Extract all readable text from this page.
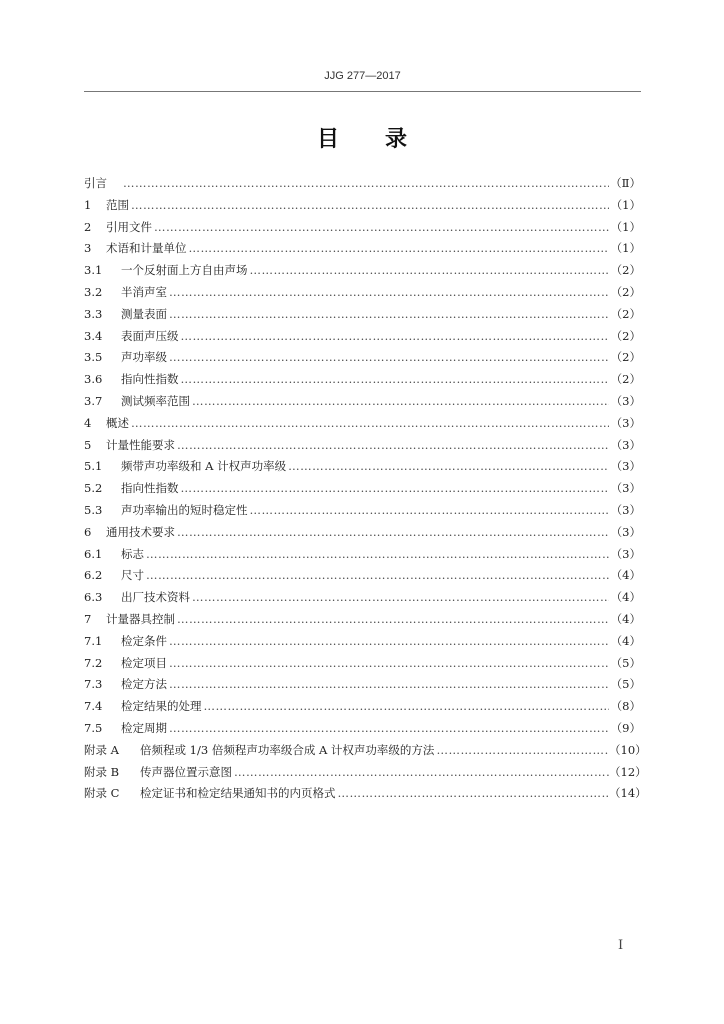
JJG 277—2017
目录
引言 ……………………………………………………………………………………………………………………………………………………………………………………………………	（Ⅱ）
1	范围 ……………………………………………………………………………………………………………………………………………………………………………………………………	（1）
2	引用文件 ……………………………………………………………………………………………………………………………………………………………………………………………………	（1）
3	术语和计量单位 ……………………………………………………………………………………………………………………………………………………………………………………………………	（1）
3.1	一个反射面上方自由声场 ……………………………………………………………………………………………………………………………………………………………………………………………………	（2）
3.2	半消声室 ……………………………………………………………………………………………………………………………………………………………………………………………………	（2）
3.3	测量表面 ……………………………………………………………………………………………………………………………………………………………………………………………………	（2）
3.4	表面声压级 ……………………………………………………………………………………………………………………………………………………………………………………………………	（2）
3.5	声功率级 ……………………………………………………………………………………………………………………………………………………………………………………………………	（2）
3.6	指向性指数 ……………………………………………………………………………………………………………………………………………………………………………………………………	（2）
3.7	测试频率范围 ……………………………………………………………………………………………………………………………………………………………………………………………………	（3）
4	概述 ……………………………………………………………………………………………………………………………………………………………………………………………………	（3）
5	计量性能要求 ……………………………………………………………………………………………………………………………………………………………………………………………………	（3）
5.1	频带声功率级和 A 计权声功率级 ……………………………………………………………………………………………………………………………………………………………………………………………………	（3）
5.2	指向性指数 ……………………………………………………………………………………………………………………………………………………………………………………………………	（3）
5.3	声功率输出的短时稳定性 ……………………………………………………………………………………………………………………………………………………………………………………………………	（3）
6	通用技术要求 ……………………………………………………………………………………………………………………………………………………………………………………………………	（3）
6.1	标志 ……………………………………………………………………………………………………………………………………………………………………………………………………	（3）
6.2	尺寸 ……………………………………………………………………………………………………………………………………………………………………………………………………	（4）
6.3	出厂技术资料 ……………………………………………………………………………………………………………………………………………………………………………………………………	（4）
7	计量器具控制 ……………………………………………………………………………………………………………………………………………………………………………………………………	（4）
7.1	检定条件 ……………………………………………………………………………………………………………………………………………………………………………………………………	（4）
7.2	检定项目 ……………………………………………………………………………………………………………………………………………………………………………………………………	（5）
7.3	检定方法 ……………………………………………………………………………………………………………………………………………………………………………………………………	（5）
7.4	检定结果的处理 ……………………………………………………………………………………………………………………………………………………………………………………………………	（8）
7.5	检定周期 ……………………………………………………………………………………………………………………………………………………………………………………………………	（9）
附录 A	倍频程或 1/3 倍频程声功率级合成 A 计权声功率级的方法 ……………………………………………………………………………………………………………………………………………………………………………………………………	（10）
附录 B	传声器位置示意图 ……………………………………………………………………………………………………………………………………………………………………………………………………	（12）
附录 C	检定证书和检定结果通知书的内页格式 ……………………………………………………………………………………………………………………………………………………………………………………………………	（14）
Ⅰ
